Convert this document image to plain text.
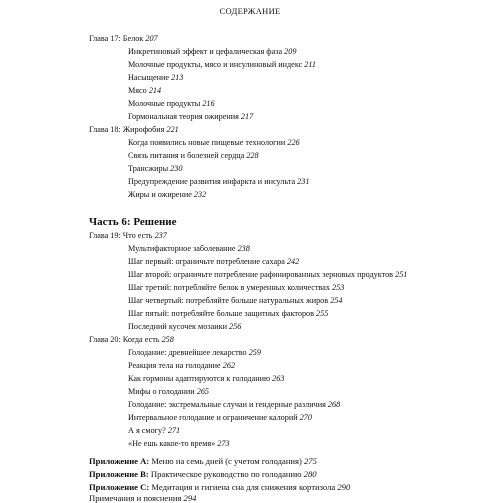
СОДЕРЖАНИЕ
Глава 17: Белок 207
Инкретиновый эффект и цефалическая фаза 209
Молочные продукты, мясо и инсулиновый индекс 211
Насыщение 213
Мясо 214
Молочные продукты 216
Гормональная теория ожирения 217
Глава 18: Жирофобия 221
Когда появились новые пищевые технологии 226
Связь питания и болезней сердца 228
Трансжиры 230
Предупреждение развития инфаркта и инсульта 231
Жиры и ожирение 232
Часть 6: Решение
Глава 19: Что есть 237
Мультифакторное заболевание 238
Шаг первый: ограничьте потребление сахара 242
Шаг второй: ограничьте потребление рафинированных зерновых продуктов 251
Шаг третий: потребляйте белок в умеренных количествах 253
Шаг четвертый: потребляйте больше натуральных жиров 254
Шаг пятый: потребляйте больше защитных факторов 255
Последний кусочек мозаики 256
Глава 20: Когда есть 258
Голодание: древнейшее лекарство 259
Реакция тела на голодание 262
Как гормоны адаптируются к голоданию 263
Мифы о голодании 265
Голодание: экстремальные случаи и гендерные различия 268
Интервальное голодание и ограничение калорий 270
А я смогу? 271
«Не ешь какое-то время» 273
Приложение А: Меню на семь дней (с учетом голодания) 275
Приложение В: Практическое руководство по голоданию 280
Приложение С: Медитация и гигиена сна для снижения кортизола 290
Примечания и пояснения 294
